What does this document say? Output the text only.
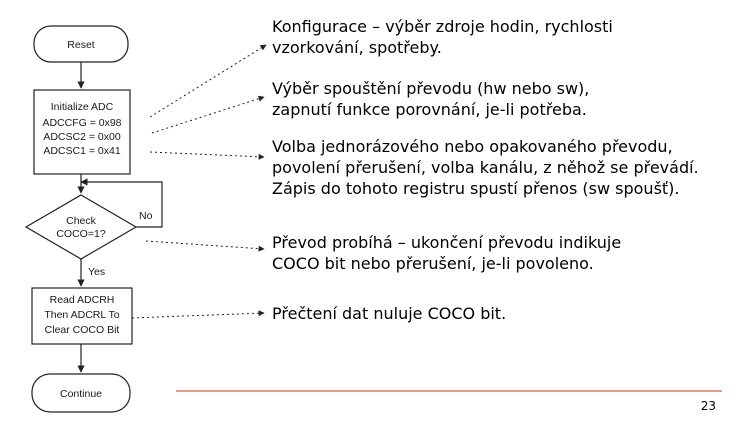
Reset
Initialize ADC
ADCCFG = 0x98
ADCSC2 = 0x00
ADCSC1 = 0x41
Check
COCO=1?
No
Yes
Read ADCRH
Then ADCRL To
Clear COCO Bit
Continue
Konfigurace – výběr zdroje hodin, rychlosti
vzorkování, spotřeby.
Výběr spouštění převodu (hw nebo sw),
zapnutí funkce porovnání, je-li potřeba.
Volba jednorázového nebo opakovaného převodu,
povolení přerušení, volba kanálu, z něhož se převádí.
Zápis do tohoto registru spustí přenos (sw spoušť).
Převod probíhá – ukončení převodu indikuje
COCO bit nebo přerušení, je-li povoleno.
Přečtení dat nuluje COCO bit.
23
